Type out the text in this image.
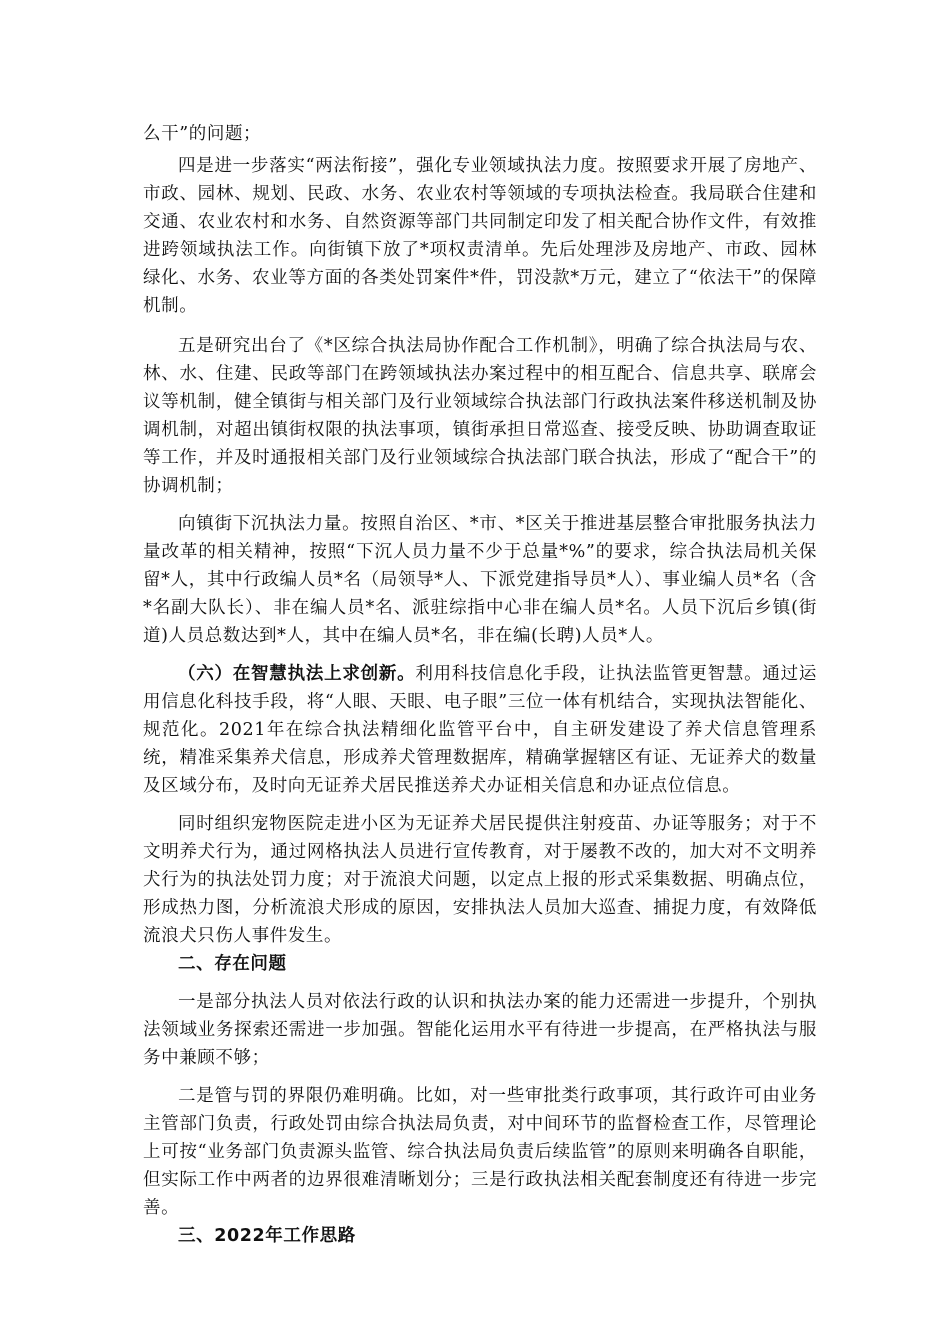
么干”的问题；

四是进一步落实“两法衔接”，强化专业领域执法力度。按照要求开展了房地产、市政、园林、规划、民政、水务、农业农村等领域的专项执法检查。我局联合住建和交通、农业农村和水务、自然资源等部门共同制定印发了相关配合协作文件，有效推进跨领域执法工作。向街镇下放了*项权责清单。先后处理涉及房地产、市政、园林绿化、水务、农业等方面的各类处罚案件*件，罚没款*万元，建立了“依法干”的保障机制。

五是研究出台了《*区综合执法局协作配合工作机制》，明确了综合执法局与农、林、水、住建、民政等部门在跨领域执法办案过程中的相互配合、信息共享、联席会议等机制，健全镇街与相关部门及行业领域综合执法部门行政执法案件移送机制及协调机制，对超出镇街权限的执法事项，镇街承担日常巡查、接受反映、协助调查取证等工作，并及时通报相关部门及行业领域综合执法部门联合执法，形成了“配合干”的协调机制；

向镇街下沉执法力量。按照自治区、*市、*区关于推进基层整合审批服务执法力量改革的相关精神，按照“下沉人员力量不少于总量*%”的要求，综合执法局机关保留*人，其中行政编人员*名（局领导*人、下派党建指导员*人）、事业编人员*名（含*名副大队长）、非在编人员*名、派驻综指中心非在编人员*名。人员下沉后乡镇(街道)人员总数达到*人，其中在编人员*名，非在编(长聘)人员*人。

（六）在智慧执法上求创新。利用科技信息化手段，让执法监管更智慧。通过运用信息化科技手段，将“人眼、天眼、电子眼”三位一体有机结合，实现执法智能化、规范化。2021年在综合执法精细化监管平台中，自主研发建设了养犬信息管理系统，精准采集养犬信息，形成养犬管理数据库，精确掌握辖区有证、无证养犬的数量及区域分布，及时向无证养犬居民推送养犬办证相关信息和办证点位信息。

同时组织宠物医院走进小区为无证养犬居民提供注射疫苗、办证等服务；对于不文明养犬行为，通过网格执法人员进行宣传教育，对于屡教不改的，加大对不文明养犬行为的执法处罚力度；对于流浪犬问题，以定点上报的形式采集数据、明确点位，形成热力图，分析流浪犬形成的原因，安排执法人员加大巡查、捕捉力度，有效降低流浪犬只伤人事件发生。

二、存在问题

一是部分执法人员对依法行政的认识和执法办案的能力还需进一步提升，个别执法领域业务探索还需进一步加强。智能化运用水平有待进一步提高，在严格执法与服务中兼顾不够；

二是管与罚的界限仍难明确。比如，对一些审批类行政事项，其行政许可由业务主管部门负责，行政处罚由综合执法局负责，对中间环节的监督检查工作，尽管理论上可按“业务部门负责源头监管、综合执法局负责后续监管”的原则来明确各自职能，但实际工作中两者的边界很难清晰划分；三是行政执法相关配套制度还有待进一步完善。

三、2022年工作思路
